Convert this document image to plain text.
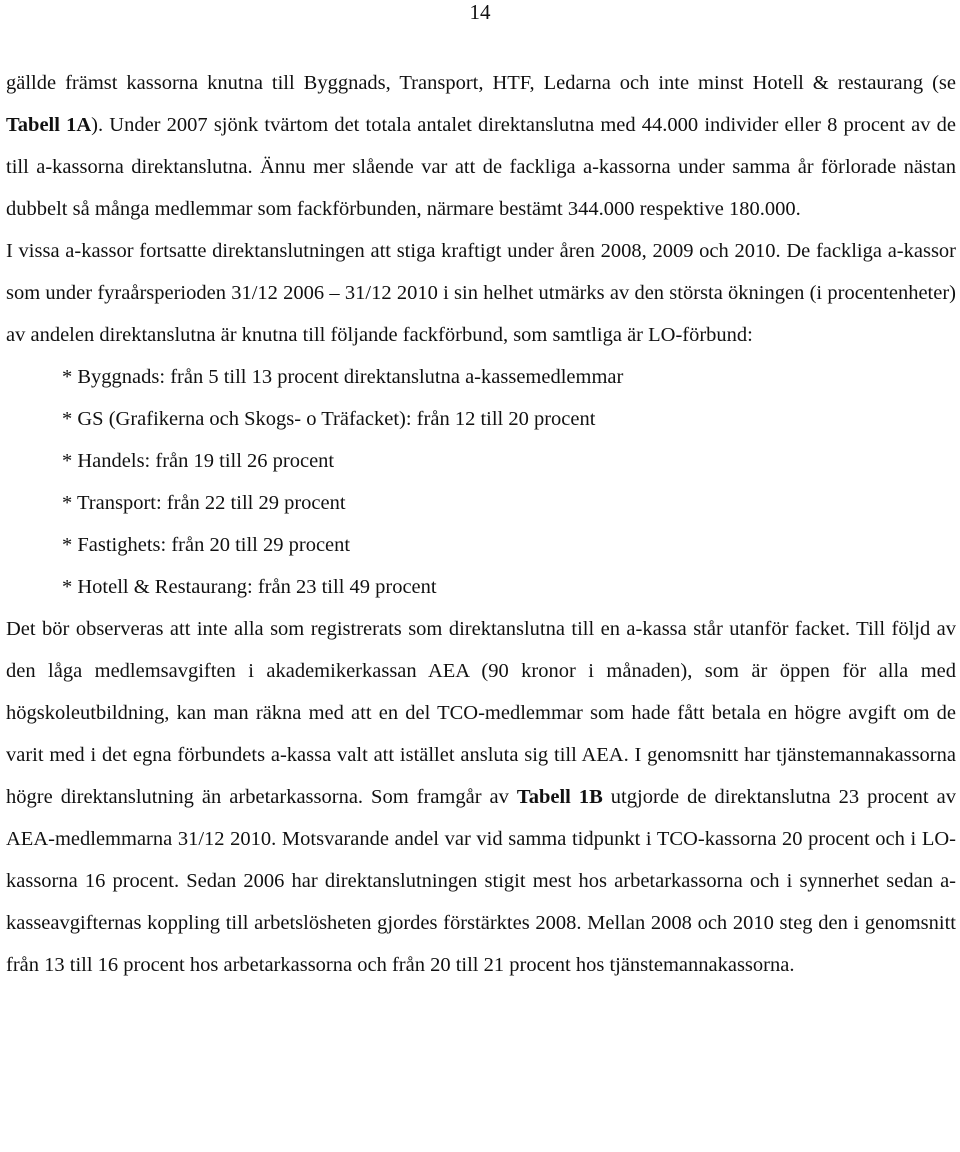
14

gällde främst kassorna knutna till Byggnads, Transport, HTF, Ledarna och inte minst Hotell & restaurang (se Tabell 1A). Under 2007 sjönk tvärtom det totala antalet direktanslutna med 44.000 individer eller 8 procent av de till a-kassorna direktanslutna. Ännu mer slående var att de fackliga a-kassorna under samma år förlorade nästan dubbelt så många medlemmar som fackförbunden, närmare bestämt 344.000 respektive 180.000.

I vissa a-kassor fortsatte direktanslutningen att stiga kraftigt under åren 2008, 2009 och 2010. De fackliga a-kassor som under fyraårsperioden 31/12 2006 – 31/12 2010 i sin helhet utmärks av den största ökningen (i procentenheter) av andelen direktanslutna är knutna till följande fackförbund, som samtliga är LO-förbund:

* Byggnads: från 5 till 13 procent direktanslutna a-kassemedlemmar
* GS (Grafikerna och Skogs- o Träfacket): från 12 till 20 procent
* Handels: från 19 till 26 procent
* Transport: från 22 till 29 procent
* Fastighets: från 20 till 29 procent
* Hotell & Restaurang: från 23 till 49 procent

Det bör observeras att inte alla som registrerats som direktanslutna till en a-kassa står utanför facket. Till följd av den låga medlemsavgiften i akademikerkassan AEA (90 kronor i månaden), som är öppen för alla med högskoleutbildning, kan man räkna med att en del TCO-medlemmar som hade fått betala en högre avgift om de varit med i det egna förbundets a-kassa valt att istället ansluta sig till AEA. I genomsnitt har tjänstemannakassorna högre direktanslutning än arbetarkassorna. Som framgår av Tabell 1B utgjorde de direktanslutna 23 procent av AEA-medlemmarna 31/12 2010. Motsvarande andel var vid samma tidpunkt i TCO-kassorna 20 procent och i LO-kassorna 16 procent. Sedan 2006 har direktanslutningen stigit mest hos arbetarkassorna och i synnerhet sedan a-kasseavgifternas koppling till arbetslösheten gjordes förstärktes 2008. Mellan 2008 och 2010 steg den i genomsnitt från 13 till 16 procent hos arbetarkassorna och från 20 till 21 procent hos tjänstemannakassorna.
